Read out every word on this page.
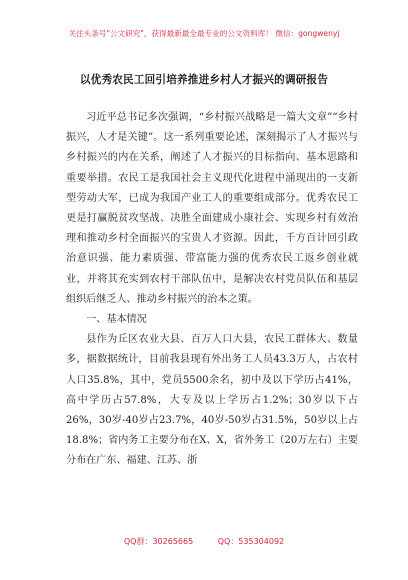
关注头条号"公文研究"，获得最新最全最专业的公文资料库！ 微信：gongwenyj
以优秀农民工回引培养推进乡村人才振兴的调研报告

习近平总书记多次强调，“乡村振兴战略是一篇大文章”“乡村振兴，人才是关键”。这一系列重要论述，深刻揭示了人才振兴与乡村振兴的内在关系，阐述了人才振兴的目标指向、基本思路和重要举措。农民工是我国社会主义现代化进程中涌现出的一支新型劳动大军，已成为我国产业工人的重要组成部分。优秀农民工更是打赢脱贫攻坚战、决胜全面建成小康社会、实现乡村有效治理和推动乡村全面振兴的宝贵人才资源。因此，千方百计回引政治意识强、能力素质强、带富能力强的优秀农民工返乡创业就业，并将其充实到农村干部队伍中，是解决农村党员队伍和基层组织后继乏人、推动乡村振兴的治本之策。

一、基本情况

县作为丘区农业大县、百万人口大县，农民工群体大、数量多，据数据统计，目前我县现有外出务工人员43.3万人，占农村人口35.8%，其中，党员5500余名，初中及以下学历占41%，高中学历占57.8%，大专及以上学历占1.2%；30岁以下占26%，30岁-40岁占23.7%，40岁-50岁占31.5%，50岁以上占18.8%；省内务工主要分布在X、X，省外务工（20万左右）主要分布在广东、福建、江苏、浙

QQ群：30265665	QQ：535304092
